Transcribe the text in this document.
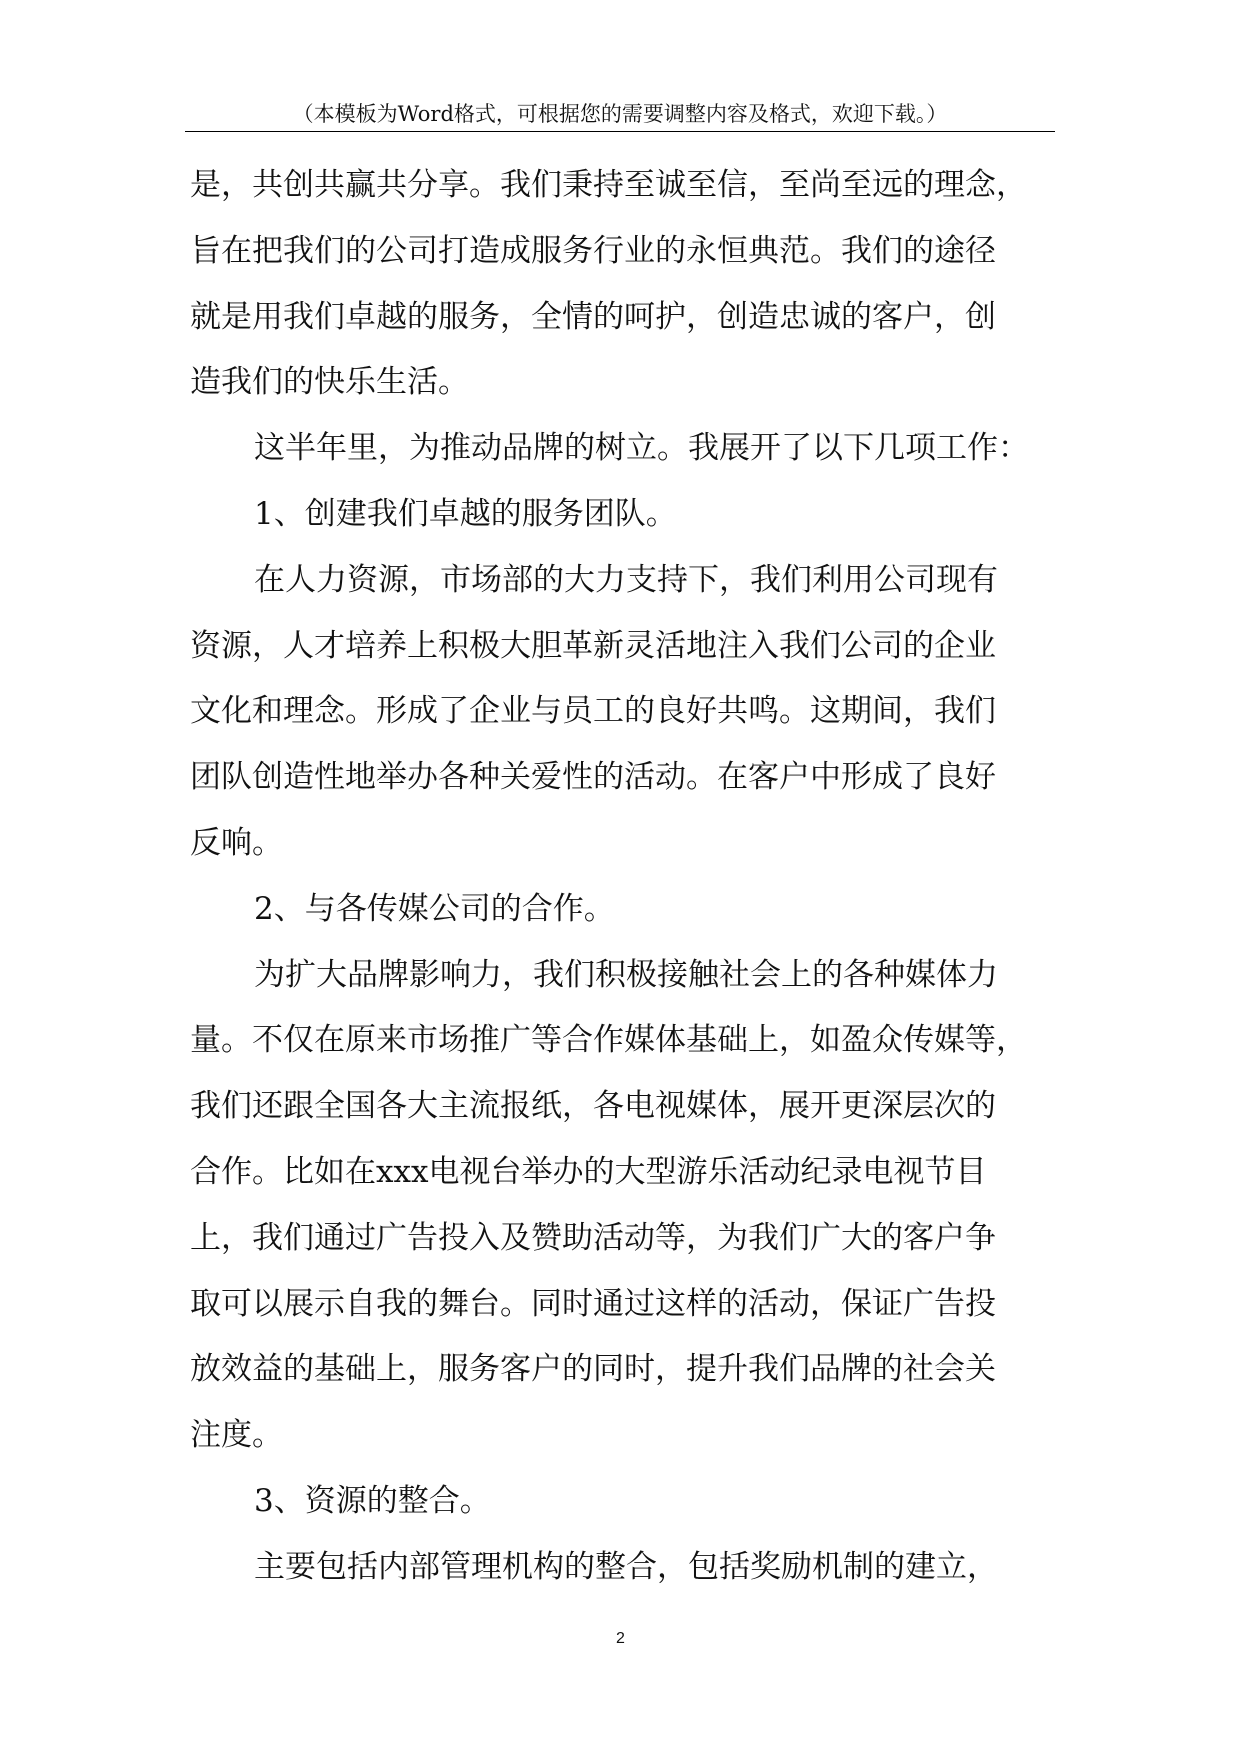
（本模板为Word格式，可根据您的需要调整内容及格式，欢迎下载。）
是，共创共赢共分享。我们秉持至诚至信，至尚至远的理念，
旨在把我们的公司打造成服务行业的永恒典范。我们的途径
就是用我们卓越的服务，全情的呵护，创造忠诚的客户，创
造我们的快乐生活。
这半年里，为推动品牌的树立。我展开了以下几项工作：
1、创建我们卓越的服务团队。
在人力资源，市场部的大力支持下，我们利用公司现有
资源，人才培养上积极大胆革新灵活地注入我们公司的企业
文化和理念。形成了企业与员工的良好共鸣。这期间，我们
团队创造性地举办各种关爱性的活动。在客户中形成了良好
反响。
2、与各传媒公司的合作。
为扩大品牌影响力，我们积极接触社会上的各种媒体力
量。不仅在原来市场推广等合作媒体基础上，如盈众传媒等，
我们还跟全国各大主流报纸，各电视媒体，展开更深层次的
合作。比如在xxx电视台举办的大型游乐活动纪录电视节目
上，我们通过广告投入及赞助活动等，为我们广大的客户争
取可以展示自我的舞台。同时通过这样的活动，保证广告投
放效益的基础上，服务客户的同时，提升我们品牌的社会关
注度。
3、资源的整合。
主要包括内部管理机构的整合，包括奖励机制的建立，
2
